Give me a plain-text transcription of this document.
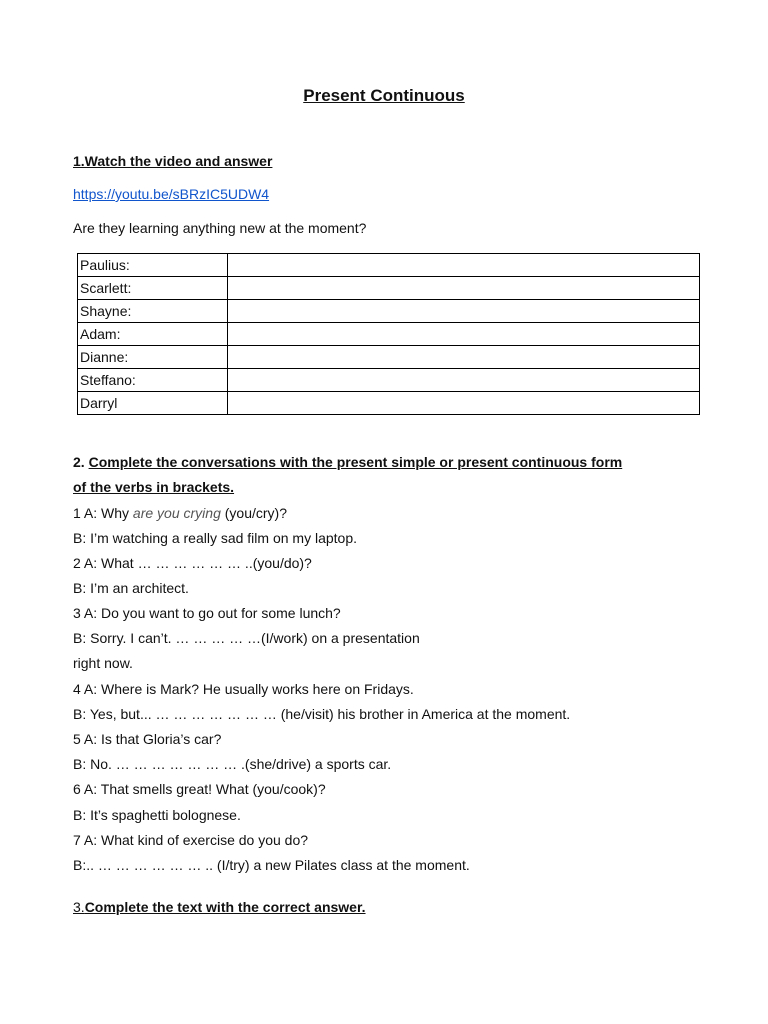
Present Continuous
1.Watch the video and answer
https://youtu.be/sBRzIC5UDW4
Are they learning anything new at the moment?
Paulius:	
Scarlett:	
Shayne:	
Adam:	
Dianne:	
Steffano:	
Darryl	
2. Complete the conversations with the present simple or present continuous form
of the verbs in brackets.
1 A: Why are you crying (you/cry)?
B: I’m watching a really sad film on my laptop.
2 A: What … … … … … … ..(you/do)?
B: I’m an architect.
3 A: Do you want to go out for some lunch?
B: Sorry. I can’t. … … … … …(I/work) on a presentation
right now.
4 A: Where is Mark? He usually works here on Fridays.
B: Yes, but... … … … … … … … (he/visit) his brother in America at the moment.
5 A: Is that Gloria’s car?
B: No. … … … … … … … .(she/drive) a sports car.
6 A: That smells great! What (you/cook)?
B: It’s spaghetti bolognese.
7 A: What kind of exercise do you do?
B:.. … … … … … … .. (I/try) a new Pilates class at the moment.
3.Complete the text with the correct answer.
